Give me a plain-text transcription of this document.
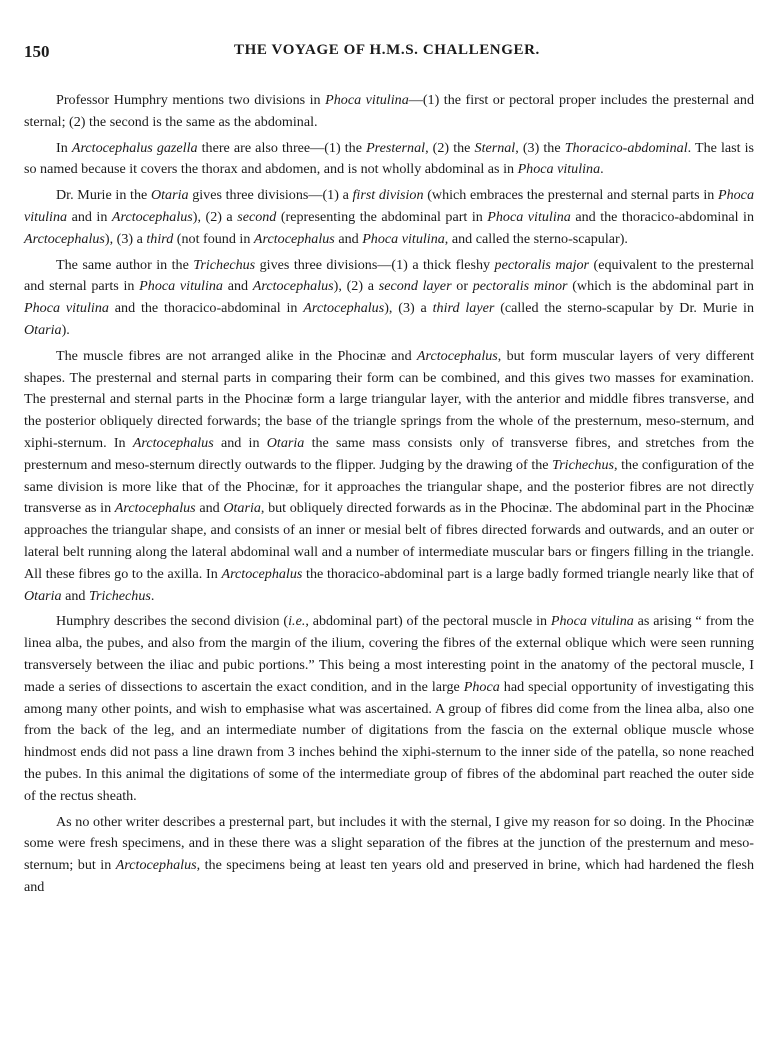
150	THE VOYAGE OF H.M.S. CHALLENGER.

Professor Humphry mentions two divisions in Phoca vitulina—(1) the first or pectoral proper includes the presternal and sternal; (2) the second is the same as the abdominal.

In Arctocephalus gazella there are also three—(1) the Presternal, (2) the Sternal, (3) the Thoracico-abdominal. The last is so named because it covers the thorax and abdomen, and is not wholly abdominal as in Phoca vitulina.

Dr. Murie in the Otaria gives three divisions—(1) a first division (which embraces the presternal and sternal parts in Phoca vitulina and in Arctocephalus), (2) a second (representing the abdominal part in Phoca vitulina and the thoracico-abdominal in Arctocephalus), (3) a third (not found in Arctocephalus and Phoca vitulina, and called the sterno-scapular).

The same author in the Trichechus gives three divisions—(1) a thick fleshy pectoralis major (equivalent to the presternal and sternal parts in Phoca vitulina and Arctocephalus), (2) a second layer or pectoralis minor (which is the abdominal part in Phoca vitulina and the thoracico-abdominal in Arctocephalus), (3) a third layer (called the sterno-scapular by Dr. Murie in Otaria).

The muscle fibres are not arranged alike in the Phocinæ and Arctocephalus, but form muscular layers of very different shapes. The presternal and sternal parts in comparing their form can be combined, and this gives two masses for examination. The presternal and sternal parts in the Phocinæ form a large triangular layer, with the anterior and middle fibres transverse, and the posterior obliquely directed forwards; the base of the triangle springs from the whole of the presternum, meso-sternum, and xiphi-sternum. In Arctocephalus and in Otaria the same mass consists only of transverse fibres, and stretches from the presternum and meso-sternum directly outwards to the flipper. Judging by the drawing of the Trichechus, the configuration of the same division is more like that of the Phocinæ, for it approaches the triangular shape, and the posterior fibres are not directly transverse as in Arctocephalus and Otaria, but obliquely directed forwards as in the Phocinæ. The abdominal part in the Phocinæ approaches the triangular shape, and consists of an inner or mesial belt of fibres directed forwards and outwards, and an outer or lateral belt running along the lateral abdominal wall and a number of intermediate muscular bars or fingers filling in the triangle. All these fibres go to the axilla. In Arctocephalus the thoracico-abdominal part is a large badly formed triangle nearly like that of Otaria and Trichechus.

Humphry describes the second division (i.e., abdominal part) of the pectoral muscle in Phoca vitulina as arising “ from the linea alba, the pubes, and also from the margin of the ilium, covering the fibres of the external oblique which were seen running transversely between the iliac and pubic portions.” This being a most interesting point in the anatomy of the pectoral muscle, I made a series of dissections to ascertain the exact condition, and in the large Phoca had special opportunity of investigating this among many other points, and wish to emphasise what was ascertained. A group of fibres did come from the linea alba, also one from the back of the leg, and an intermediate number of digitations from the fascia on the external oblique muscle whose hindmost ends did not pass a line drawn from 3 inches behind the xiphi-sternum to the inner side of the patella, so none reached the pubes. In this animal the digitations of some of the intermediate group of fibres of the abdominal part reached the outer side of the rectus sheath.

As no other writer describes a presternal part, but includes it with the sternal, I give my reason for so doing. In the Phocinæ some were fresh specimens, and in these there was a slight separation of the fibres at the junction of the presternum and meso-sternum; but in Arctocephalus, the specimens being at least ten years old and preserved in brine, which had hardened the flesh and
